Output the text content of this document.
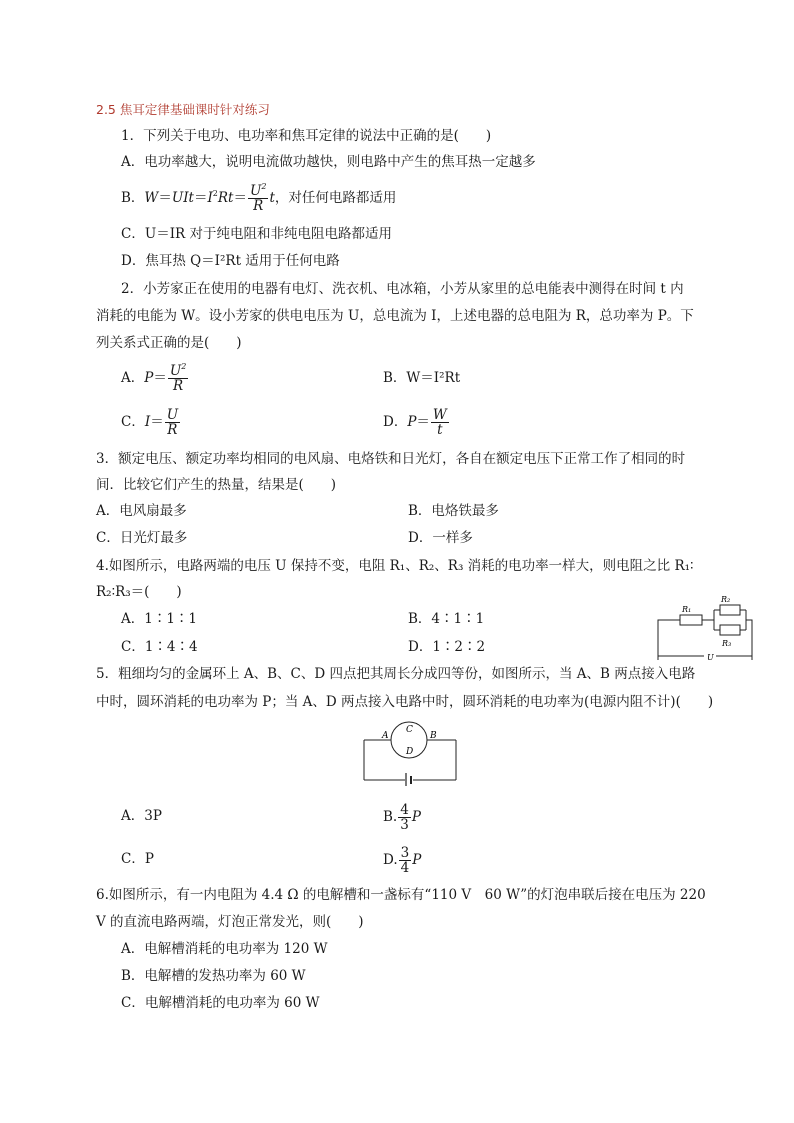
2.5 焦耳定律基础课时针对练习
1．下列关于电功、电功率和焦耳定律的说法中正确的是(　　)
A．电功率越大，说明电流做功越快，则电路中产生的焦耳热一定越多
B．$W=UIt=I^2Rt= \frac{U^2}{R}$ t，对任何电路都适用
C．U＝IR 对于纯电阻和非纯电阻电路都适用
D．焦耳热 Q＝I²Rt 适用于任何电路
2．小芳家正在使用的电器有电灯、洗衣机、电冰箱，小芳从家里的总电能表中测得在时间 t 内
消耗的电能为 W。设小芳家的供电电压为 U，总电流为 I，上述电器的总电阻为 R，总功率为 P。下
列关系式正确的是(　　)
A．$P= \frac{U^2}{R}$	B．W＝I²Rt
C．$I= \frac{U}{R}$	D．$P= \frac{W}{t}$
3．额定电压、额定功率均相同的电风扇、电烙铁和日光灯，各自在额定电压下正常工作了相同的时
间．比较它们产生的热量，结果是(　　)
A．电风扇最多	B．电烙铁最多
C．日光灯最多	D．一样多
4.如图所示，电路两端的电压 U 保持不变，电阻 R₁、R₂、R₃ 消耗的电功率一样大，则电阻之比 R₁∶
R₂∶R₃＝(　　)
A．1∶1∶1	B．4∶1∶1
C．1∶4∶4	D．1∶2∶2
R₁
R₂
R₃
U
5．粗细均匀的金属环上 A、B、C、D 四点把其周长分成四等份，如图所示，当 A、B 两点接入电路
中时，圆环消耗的电功率为 P；当 A、D 两点接入电路中时，圆环消耗的电功率为(电源内阻不计)(　　)
A	B
C
D
A．3P	B. $\frac{4}{3}$ P
C．P	D. $\frac{3}{4}$ P
6.如图所示，有一内电阻为 4.4 Ω 的电解槽和一盏标有“110 V　60 W”的灯泡串联后接在电压为 220
V 的直流电路两端，灯泡正常发光，则(　　)
A．电解槽消耗的电功率为 120 W
B．电解槽的发热功率为 60 W
C．电解槽消耗的电功率为 60 W
